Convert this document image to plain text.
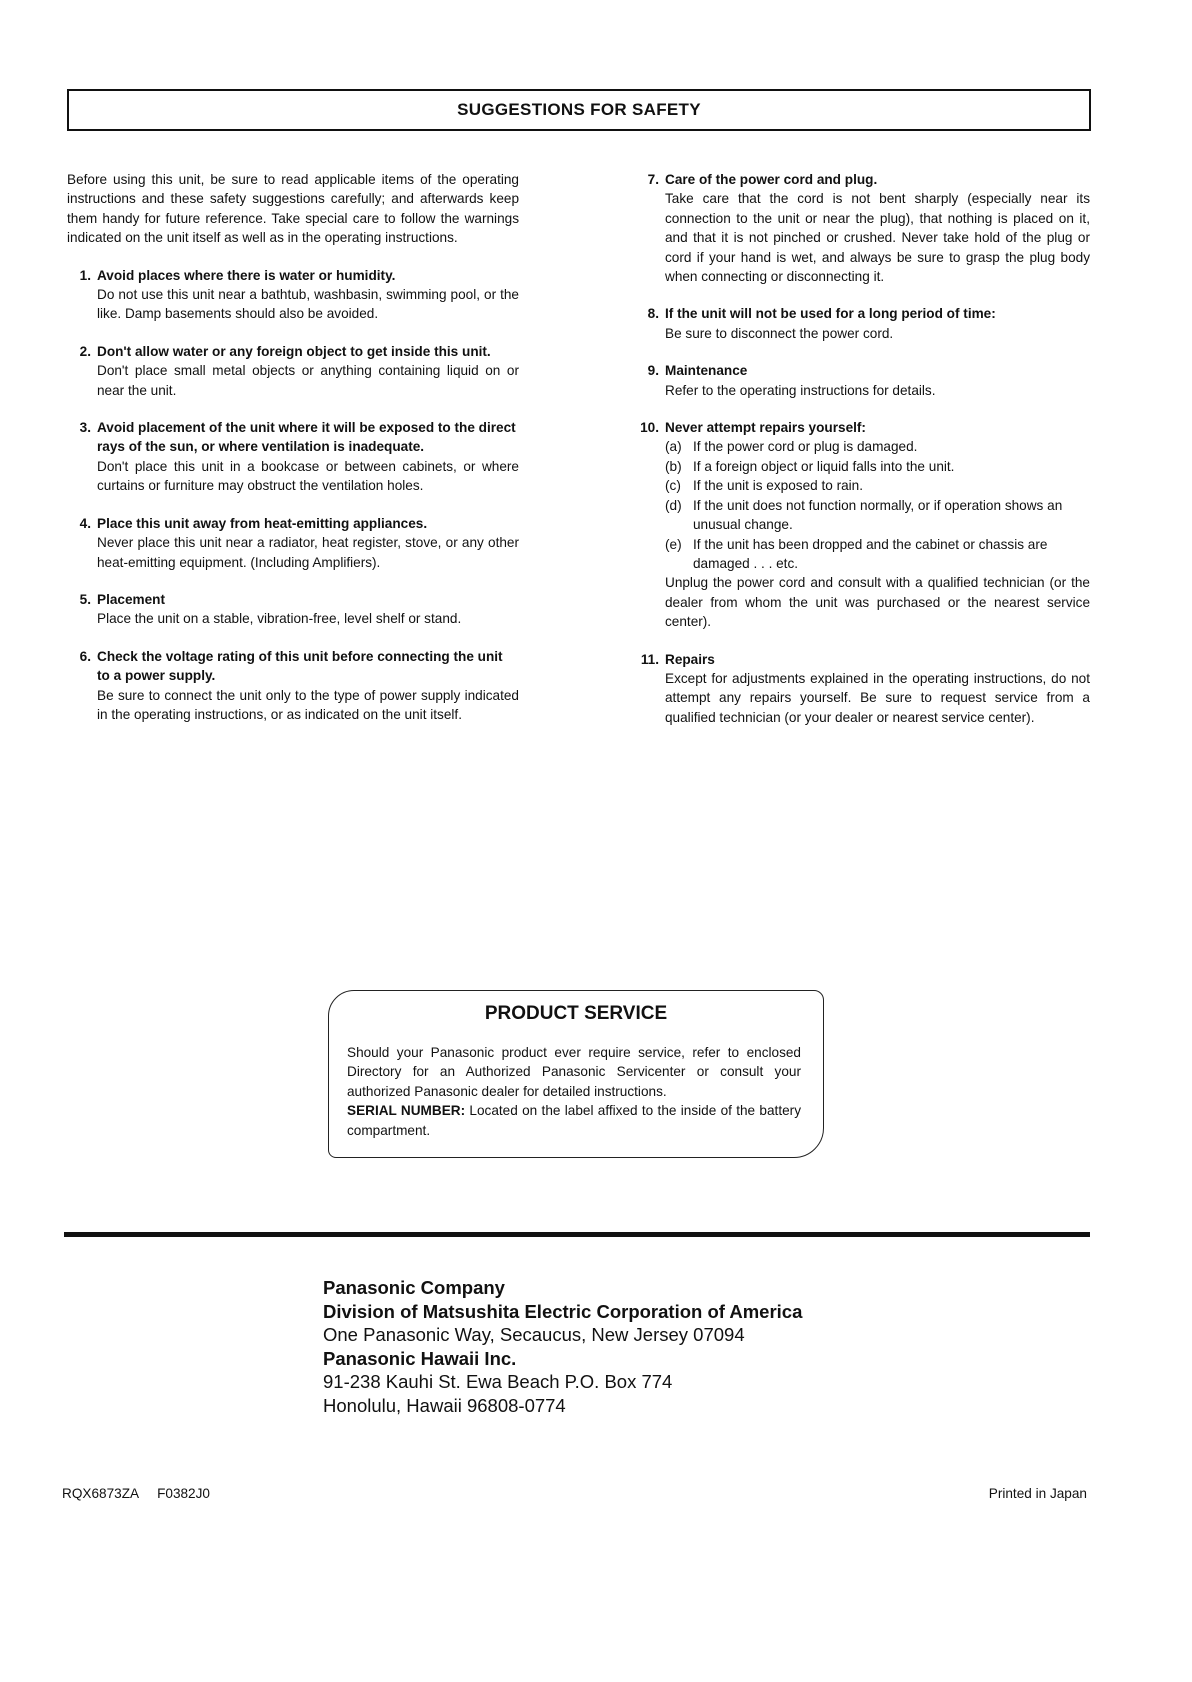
SUGGESTIONS FOR SAFETY

Before using this unit, be sure to read applicable items of the operating instructions and these safety suggestions carefully; and afterwards keep them handy for future reference. Take special care to follow the warnings indicated on the unit itself as well as in the operating instructions.

1. Avoid places where there is water or humidity.
Do not use this unit near a bathtub, washbasin, swimming pool, or the like. Damp basements should also be avoided.
2. Don't allow water or any foreign object to get inside this unit.
Don't place small metal objects or anything containing liquid on or near the unit.
3. Avoid placement of the unit where it will be exposed to the direct rays of the sun, or where ventilation is inadequate.
Don't place this unit in a bookcase or between cabinets, or where curtains or furniture may obstruct the ventilation holes.
4. Place this unit away from heat-emitting appliances.
Never place this unit near a radiator, heat register, stove, or any other heat-emitting equipment. (Including Amplifiers).
5. Placement
Place the unit on a stable, vibration-free, level shelf or stand.
6. Check the voltage rating of this unit before connecting the unit to a power supply.
Be sure to connect the unit only to the type of power supply indicated in the operating instructions, or as indicated on the unit itself.
7. Care of the power cord and plug.
Take care that the cord is not bent sharply (especially near its connection to the unit or near the plug), that nothing is placed on it, and that it is not pinched or crushed. Never take hold of the plug or cord if your hand is wet, and always be sure to grasp the plug body when connecting or disconnecting it.
8. If the unit will not be used for a long period of time:
Be sure to disconnect the power cord.
9. Maintenance
Refer to the operating instructions for details.
10. Never attempt repairs yourself:
(a) If the power cord or plug is damaged.
(b) If a foreign object or liquid falls into the unit.
(c) If the unit is exposed to rain.
(d) If the unit does not function normally, or if operation shows an unusual change.
(e) If the unit has been dropped and the cabinet or chassis are damaged . . . etc.
Unplug the power cord and consult with a qualified technician (or the dealer from whom the unit was purchased or the nearest service center).
11. Repairs
Except for adjustments explained in the operating instructions, do not attempt any repairs yourself. Be sure to request service from a qualified technician (or your dealer or nearest service center).
PRODUCT SERVICE
Should your Panasonic product ever require service, refer to enclosed Directory for an Authorized Panasonic Servicenter or consult your authorized Panasonic dealer for detailed instructions.
SERIAL NUMBER: Located on the label affixed to the inside of the battery compartment.
Panasonic Company
Division of Matsushita Electric Corporation of America
One Panasonic Way, Secaucus, New Jersey 07094
Panasonic Hawaii Inc.
91-238 Kauhi St. Ewa Beach P.O. Box 774
Honolulu, Hawaii 96808-0774
RQX6873ZA F0382J0	Printed in Japan
